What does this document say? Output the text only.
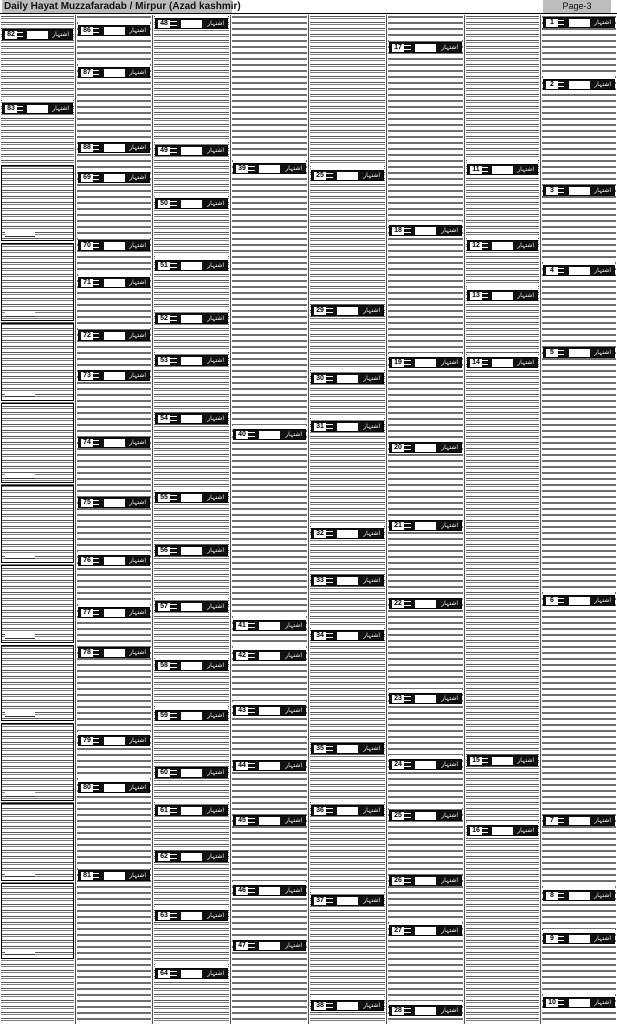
Daily Hayat Muzzafaradab / Mirpur (Azad kashmir)	Page-3
82	اشتہار
83	اشتہار
86	اشتہار
87	اشتہار
88	اشتہار
69	اشتہار
70	اشتہار
71	اشتہار
72	اشتہار
73	اشتہار
74	اشتہار
75	اشتہار
76	اشتہار
77	اشتہار
78	اشتہار
79	اشتہار
80	اشتہار
81	اشتہار
48	اشتہار
49	اشتہار
50	اشتہار
51	اشتہار
52	اشتہار
53	اشتہار
54	اشتہار
55	اشتہار
56	اشتہار
57	اشتہار
58	اشتہار
59	اشتہار
60	اشتہار
61	اشتہار
62	اشتہار
63	اشتہار
64	اشتہار
39	اشتہار
40	اشتہار
41	اشتہار
42	اشتہار
43	اشتہار
44	اشتہار
45	اشتہار
46	اشتہار
47	اشتہار
25	اشتہار
29	اشتہار
30	اشتہار
31	اشتہار
32	اشتہار
33	اشتہار
34	اشتہار
35	اشتہار
36	اشتہار
37	اشتہار
38	اشتہار
17	اشتہار
18	اشتہار
19	اشتہار
20	اشتہار
21	اشتہار
22	اشتہار
23	اشتہار
24	اشتہار
25	اشتہار
26	اشتہار
27	اشتہار
28	اشتہار
11	اشتہار
12	اشتہار
13	اشتہار
14	اشتہار
15	اشتہار
16	اشتہار
1	اشتہار
2	اشتہار
3	اشتہار
4	اشتہار
5	اشتہار
6	اشتہار
7	اشتہار
8	اشتہار
9	اشتہار
10	اشتہار
